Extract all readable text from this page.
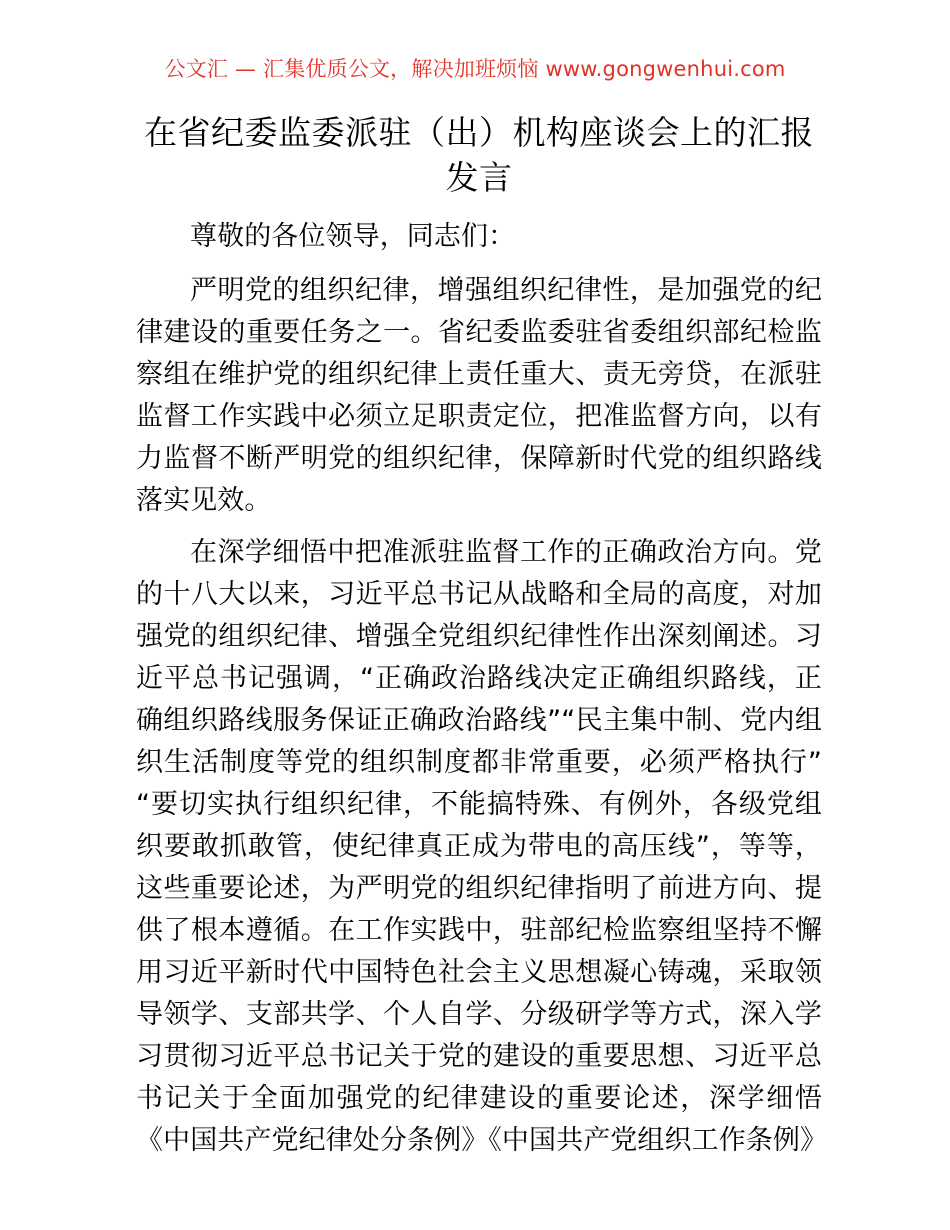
公文汇 — 汇集优质公文，解决加班烦恼 www.gongwenhui.com
在省纪委监委派驻（出）机构座谈会上的汇报发言

尊敬的各位领导，同志们：

严明党的组织纪律，增强组织纪律性，是加强党的纪律建设的重要任务之一。省纪委监委驻省委组织部纪检监察组在维护党的组织纪律上责任重大、责无旁贷，在派驻监督工作实践中必须立足职责定位，把准监督方向，以有力监督不断严明党的组织纪律，保障新时代党的组织路线落实见效。

在深学细悟中把准派驻监督工作的正确政治方向。党的十八大以来，习近平总书记从战略和全局的高度，对加强党的组织纪律、增强全党组织纪律性作出深刻阐述。习近平总书记强调，“正确政治路线决定正确组织路线，正确组织路线服务保证正确政治路线”“民主集中制、党内组织生活制度等党的组织制度都非常重要，必须严格执行”“要切实执行组织纪律，不能搞特殊、有例外，各级党组织要敢抓敢管，使纪律真正成为带电的高压线”，等等，这些重要论述，为严明党的组织纪律指明了前进方向、提供了根本遵循。在工作实践中，驻部纪检监察组坚持不懈用习近平新时代中国特色社会主义思想凝心铸魂，采取领导领学、支部共学、个人自学、分级研学等方式，深入学习贯彻习近平总书记关于党的建设的重要思想、习近平总书记关于全面加强党的纪律建设的重要论述，深学细悟《中国共产党纪律处分条例》《中国共产党组织工作条例》
